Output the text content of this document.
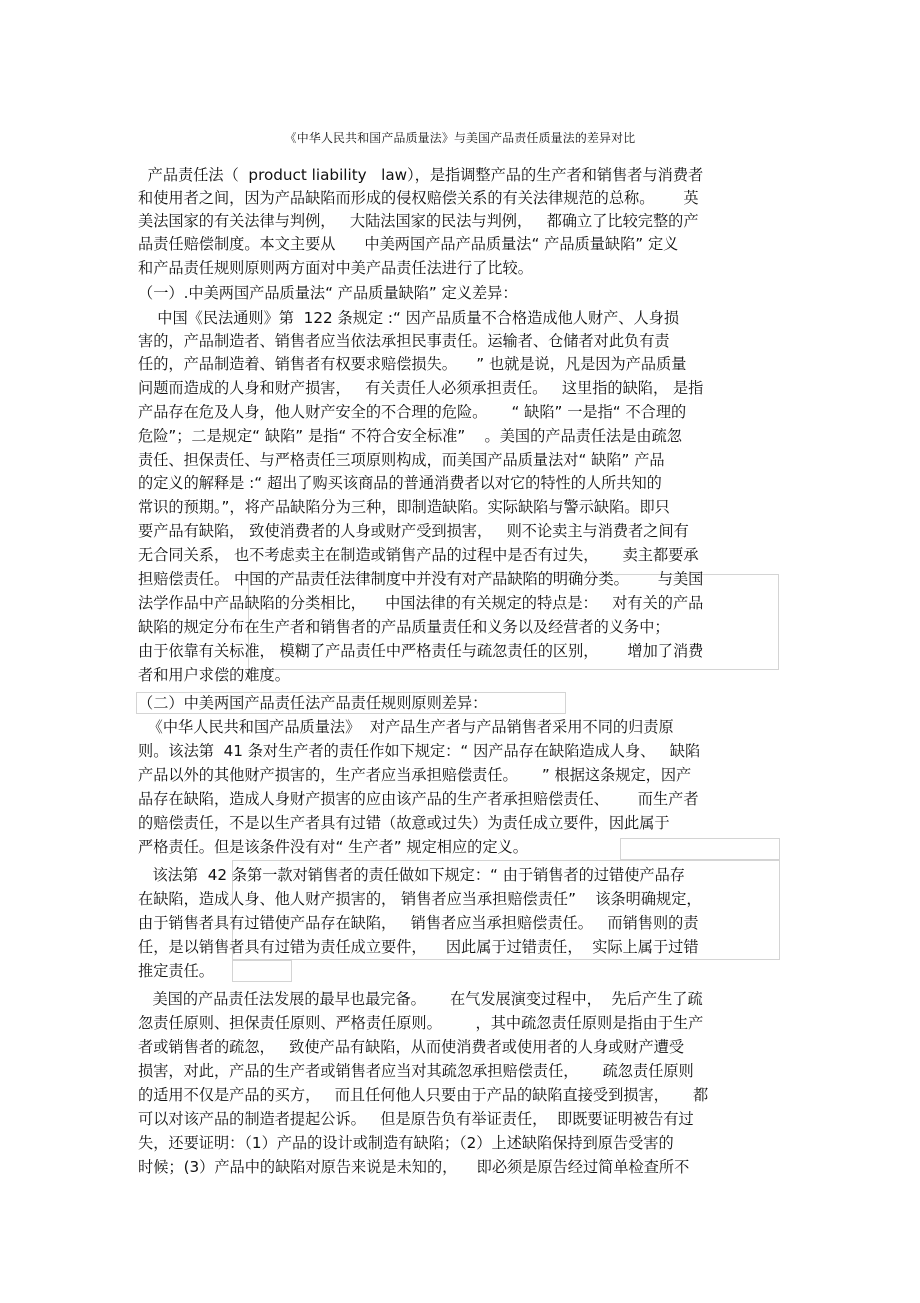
《中华人民共和国产品质量法》与美国产品责任质量法的差异对比
产品责任法（  product liability   law），是指调整产品的生产者和销售者与消费者
和使用者之间，因为产品缺陷而形成的侵权赔偿关系的有关法律规范的总称。      英
美法国家的有关法律与判例，   大陆法国家的民法与判例，   都确立了比较完整的产
品责任赔偿制度。本文主要从      中美两国产品产品质量法“ 产品质量缺陷” 定义
和产品责任规则原则两方面对中美产品责任法进行了比较。
（一）.中美两国产品质量法“ 产品质量缺陷” 定义差异：
中国《民法通则》第  122 条规定 :“ 因产品质量不合格造成他人财产、人身损
害的，产品制造者、销售者应当依法承担民事责任。运输者、仓储者对此负有责
任的，产品制造着、销售者有权要求赔偿损失。    ” 也就是说，凡是因为产品质量
问题而造成的人身和财产损害，   有关责任人必须承担责任。   这里指的缺陷， 是指
产品存在危及人身，他人财产安全的不合理的危险。     “ 缺陷” 一是指“ 不合理的
危险”；二是规定“ 缺陷” 是指“ 不符合安全标准”    。美国的产品责任法是由疏忽
责任、担保责任、与严格责任三项原则构成，而美国产品质量法对“ 缺陷” 产品
的定义的解释是 :“ 超出了购买该商品的普通消费者以对它的特性的人所共知的
常识的预期。”，将产品缺陷分为三种，即制造缺陷。实际缺陷与警示缺陷。即只
要产品有缺陷， 致使消费者的人身或财产受到损害，   则不论卖主与消费者之间有
无合同关系， 也不考虑卖主在制造或销售产品的过程中是否有过失，     卖主都要承
担赔偿责任。 中国的产品责任法律制度中并没有对产品缺陷的明确分类。      与美国
法学作品中产品缺陷的分类相比，    中国法律的有关规定的特点是：   对有关的产品
缺陷的规定分布在生产者和销售者的产品质量责任和义务以及经营者的义务中；
由于依靠有关标准， 模糊了产品责任中严格责任与疏忽责任的区别，      增加了消费
者和用户求偿的难度。
（二）中美两国产品责任法产品责任规则原则差异：
《中华人民共和国产品质量法》  对产品生产者与产品销售者采用不同的归责原
则。该法第  41 条对生产者的责任作如下规定：“ 因产品存在缺陷造成人身、   缺陷
产品以外的其他财产损害的，生产者应当承担赔偿责任。     ” 根据这条规定，因产
品存在缺陷，造成人身财产损害的应由该产品的生产者承担赔偿责任、      而生产者
的赔偿责任，不是以生产者具有过错（故意或过失）为责任成立要件，因此属于
严格责任。但是该条件没有对“ 生产者” 规定相应的定义。
该法第  42 条第一款对销售者的责任做如下规定：“ 由于销售者的过错使产品存
在缺陷，造成人身、他人财产损害的， 销售者应当承担赔偿责任”    该条明确规定，
由于销售者具有过错使产品存在缺陷，   销售者应当承担赔偿责任。   而销售则的责
任，是以销售者具有过错为责任成立要件，    因此属于过错责任，  实际上属于过错
推定责任。
美国的产品责任法发展的最早也最完备。     在气发展演变过程中，  先后产生了疏
忽责任原则、担保责任原则、严格责任原则。       ，其中疏忽责任原则是指由于生产
者或销售者的疏忽，   致使产品有缺陷，从而使消费者或使用者的人身或财产遭受
损害，对此，产品的生产者或销售者应当对其疏忽承担赔偿责任，     疏忽责任原则
的适用不仅是产品的买方，   而且任何他人只要由于产品的缺陷直接受到损害，     都
可以对该产品的制造者提起公诉。   但是原告负有举证责任，  即既要证明被告有过
失，还要证明：（1）产品的设计或制造有缺陷；（2）上述缺陷保持到原告受害的
时候；(3）产品中的缺陷对原告来说是未知的，    即必须是原告经过简单检查所不
